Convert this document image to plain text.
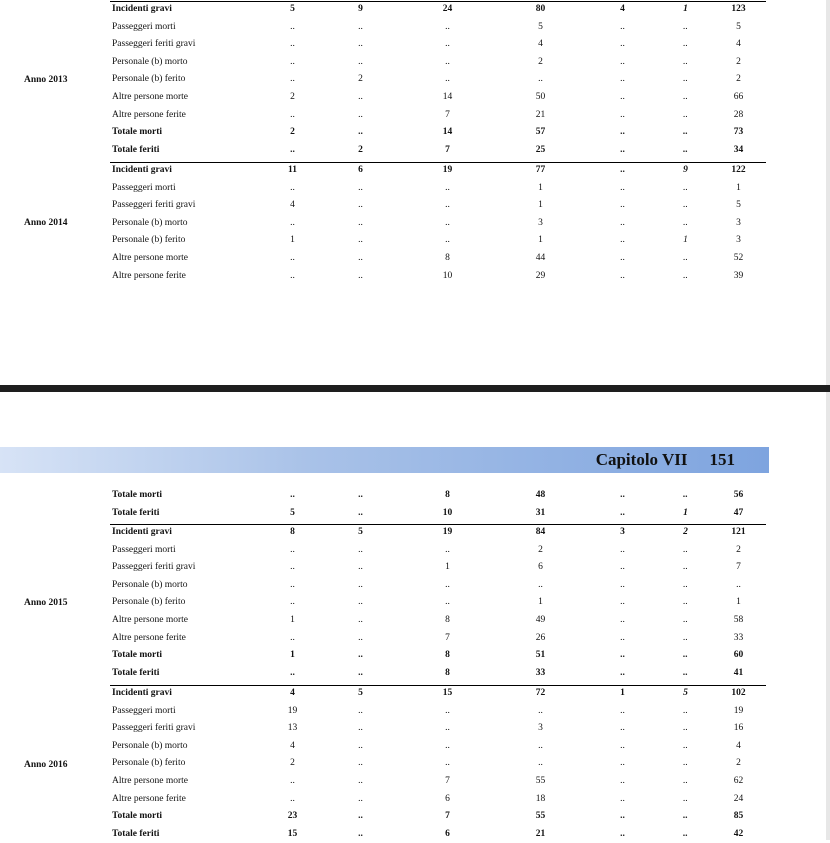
Capitolo VII 151
Anno 2013
Incidenti gravi	5	9	24	80	4	1	123
Passeggeri morti	..	..	..	5	..	..	5
Passeggeri feriti gravi	..	..	..	4	..	..	4
Personale (b) morto	..	..	..	2	..	..	2
Personale (b) ferito	..	2	..	..	..	..	2
Altre persone morte	2	..	14	50	..	..	66
Altre persone ferite	..	..	7	21	..	..	28
Totale morti	2	..	14	57	..	..	73
Totale feriti	..	2	7	25	..	..	34
Anno 2014
Incidenti gravi	11	6	19	77	..	9	122
Passeggeri morti	..	..	..	1	..	..	1
Passeggeri feriti gravi	4	..	..	1	..	..	5
Personale (b) morto	..	..	..	3	..	..	3
Personale (b) ferito	1	..	..	1	..	1	3
Altre persone morte	..	..	8	44	..	..	52
Altre persone ferite	..	..	10	29	..	..	39
Totale morti	..	..	8	48	..	..	56
Totale feriti	5	..	10	31	..	1	47
Anno 2015
Incidenti gravi	8	5	19	84	3	2	121
Passeggeri morti	..	..	..	2	..	..	2
Passeggeri feriti gravi	..	..	1	6	..	..	7
Personale (b) morto	..	..	..	..	..	..	..
Personale (b) ferito	..	..	..	1	..	..	1
Altre persone morte	1	..	8	49	..	..	58
Altre persone ferite	..	..	7	26	..	..	33
Totale morti	1	..	8	51	..	..	60
Totale feriti	..	..	8	33	..	..	41
Anno 2016
Incidenti gravi	4	5	15	72	1	5	102
Passeggeri morti	19	..	..	..	..	..	19
Passeggeri feriti gravi	13	..	..	3	..	..	16
Personale (b) morto	4	..	..	..	..	..	4
Personale (b) ferito	2	..	..	..	..	..	2
Altre persone morte	..	..	7	55	..	..	62
Altre persone ferite	..	..	6	18	..	..	24
Totale morti	23	..	7	55	..	..	85
Totale feriti	15	..	6	21	..	..	42
